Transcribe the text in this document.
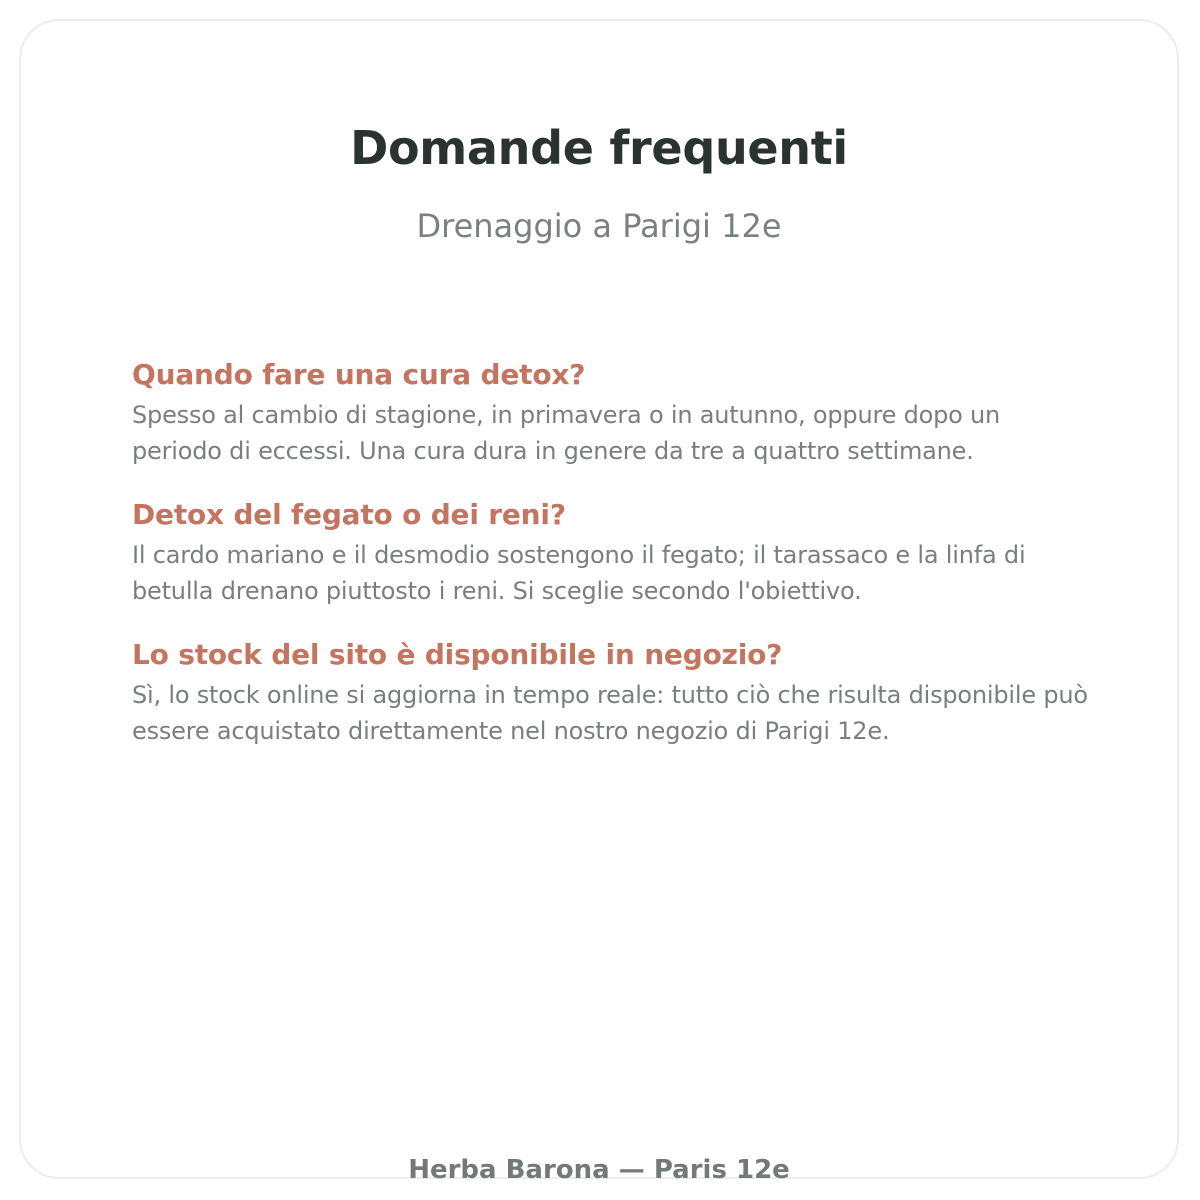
Domande frequenti

Drenaggio a Parigi 12e

Quando fare una cura detox?

Spesso al cambio di stagione, in primavera o in autunno, oppure dopo un periodo di eccessi. Una cura dura in genere da tre a quattro settimane.

Detox del fegato o dei reni?

Il cardo mariano e il desmodio sostengono il fegato; il tarassaco e la linfa di betulla drenano piuttosto i reni. Si sceglie secondo l'obiettivo.

Lo stock del sito è disponibile in negozio?

Sì, lo stock online si aggiorna in tempo reale: tutto ciò che risulta disponibile può essere acquistato direttamente nel nostro negozio di Parigi 12e.

Herba Barona — Paris 12e
